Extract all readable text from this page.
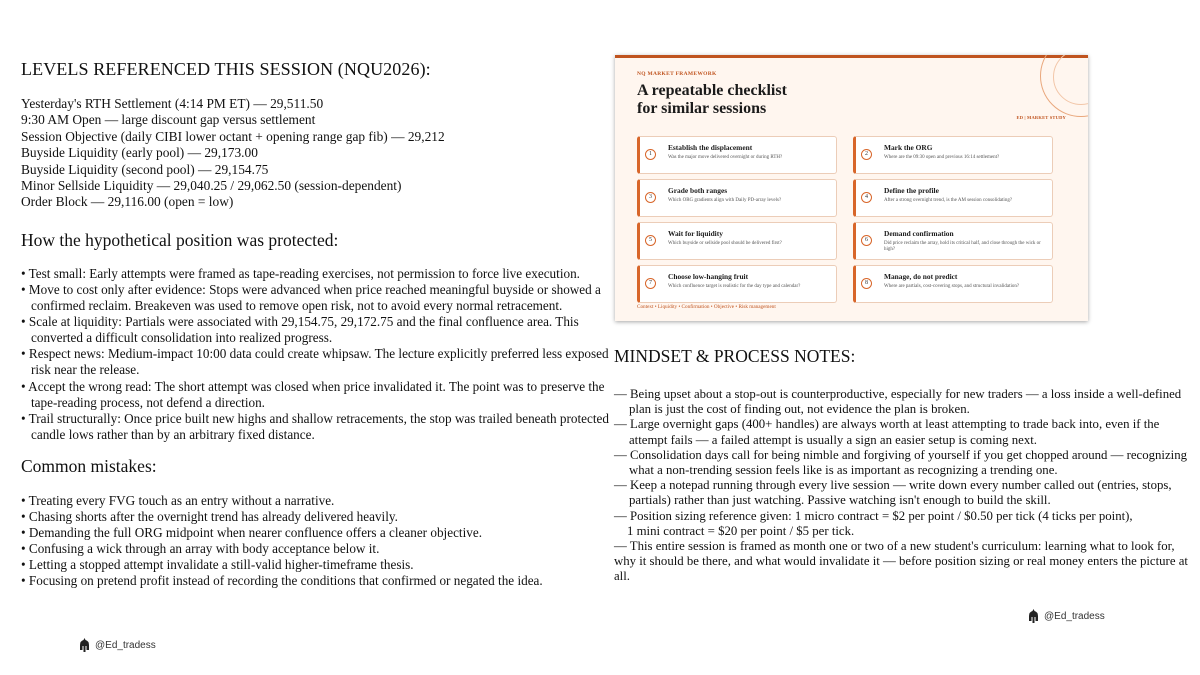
LEVELS REFERENCED THIS SESSION (NQU2026):

Yesterday's RTH Settlement (4:14 PM ET) — 29,511.50

9:30 AM Open — large discount gap versus settlement

Session Objective (daily CIBI lower octant + opening range gap fib) — 29,212

Buyside Liquidity (early pool) — 29,173.00

Buyside Liquidity (second pool) — 29,154.75

Minor Sellside Liquidity — 29,040.25 / 29,062.50 (session-dependent)

Order Block — 29,116.00 (open = low)

How the hypothetical position was protected:

• Test small: Early attempts were framed as tape-reading exercises, not permission to force live execution.

• Move to cost only after evidence: Stops were advanced when price reached meaningful buyside or showed a confirmed reclaim. Breakeven was used to remove open risk, not to avoid every normal retracement.

• Scale at liquidity: Partials were associated with 29,154.75, 29,172.75 and the final confluence area. This converted a difficult consolidation into realized progress.

• Respect news: Medium-impact 10:00 data could create whipsaw. The lecture explicitly preferred less exposed risk near the release.

• Accept the wrong read: The short attempt was closed when price invalidated it. The point was to preserve the tape-reading process, not defend a direction.

• Trail structurally: Once price built new highs and shallow retracements, the stop was trailed beneath protected candle lows rather than by an arbitrary fixed distance.

Common mistakes:

• Treating every FVG touch as an entry without a narrative.

• Chasing shorts after the overnight trend has already delivered heavily.

• Demanding the full ORG midpoint when nearer confluence offers a cleaner objective.

• Confusing a wick through an array with body acceptance below it.

• Letting a stopped attempt invalidate a still-valid higher-timeframe thesis.

• Focusing on pretend profit instead of recording the conditions that confirmed or negated the idea.

@Ed_tradess
NQ MARKET FRAMEWORK
A repeatable checklist
for similar sessions
ED | MARKET STUDY
1
Establish the displacement
Was the major move delivered overnight or during RTH?
2
Mark the ORG
Where are the 09:30 open and previous 16:14 settlement?
3
Grade both ranges
Which ORG gradients align with Daily PD-array levels?
4
Define the profile
After a strong overnight trend, is the AM session consolidating?
5
Wait for liquidity
Which buyside or sellside pool should be delivered first?
6
Demand confirmation
Did price reclaim the array, hold its critical half, and close through the wick or high?
7
Choose low-hanging fruit
Which confluence target is realistic for the day type and calendar?
8
Manage, do not predict
Where are partials, cost-covering stops, and structural invalidation?
Context • Liquidity • Confirmation • Objective • Risk management

MINDSET & PROCESS NOTES:

— Being upset about a stop-out is counterproductive, especially for new traders — a loss inside a well-defined plan is just the cost of finding out, not evidence the plan is broken.

— Large overnight gaps (400+ handles) are always worth at least attempting to trade back into, even if the attempt fails — a failed attempt is usually a sign an easier setup is coming next.

— Consolidation days call for being nimble and forgiving of yourself if you get chopped around — recognizing what a non-trending session feels like is as important as recognizing a trending one.

— Keep a notepad running through every live session — write down every number called out (entries, stops, partials) rather than just watching. Passive watching isn't enough to build the skill.

— Position sizing reference given: 1 micro contract = $2 per point / $0.50 per tick (4 ticks per point),

1 mini contract = $20 per point / $5 per tick.

— This entire session is framed as month one or two of a new student's curriculum: learning what to look for,

why it should be there, and what would invalidate it — before position sizing or real money enters the picture at all.

@Ed_tradess
